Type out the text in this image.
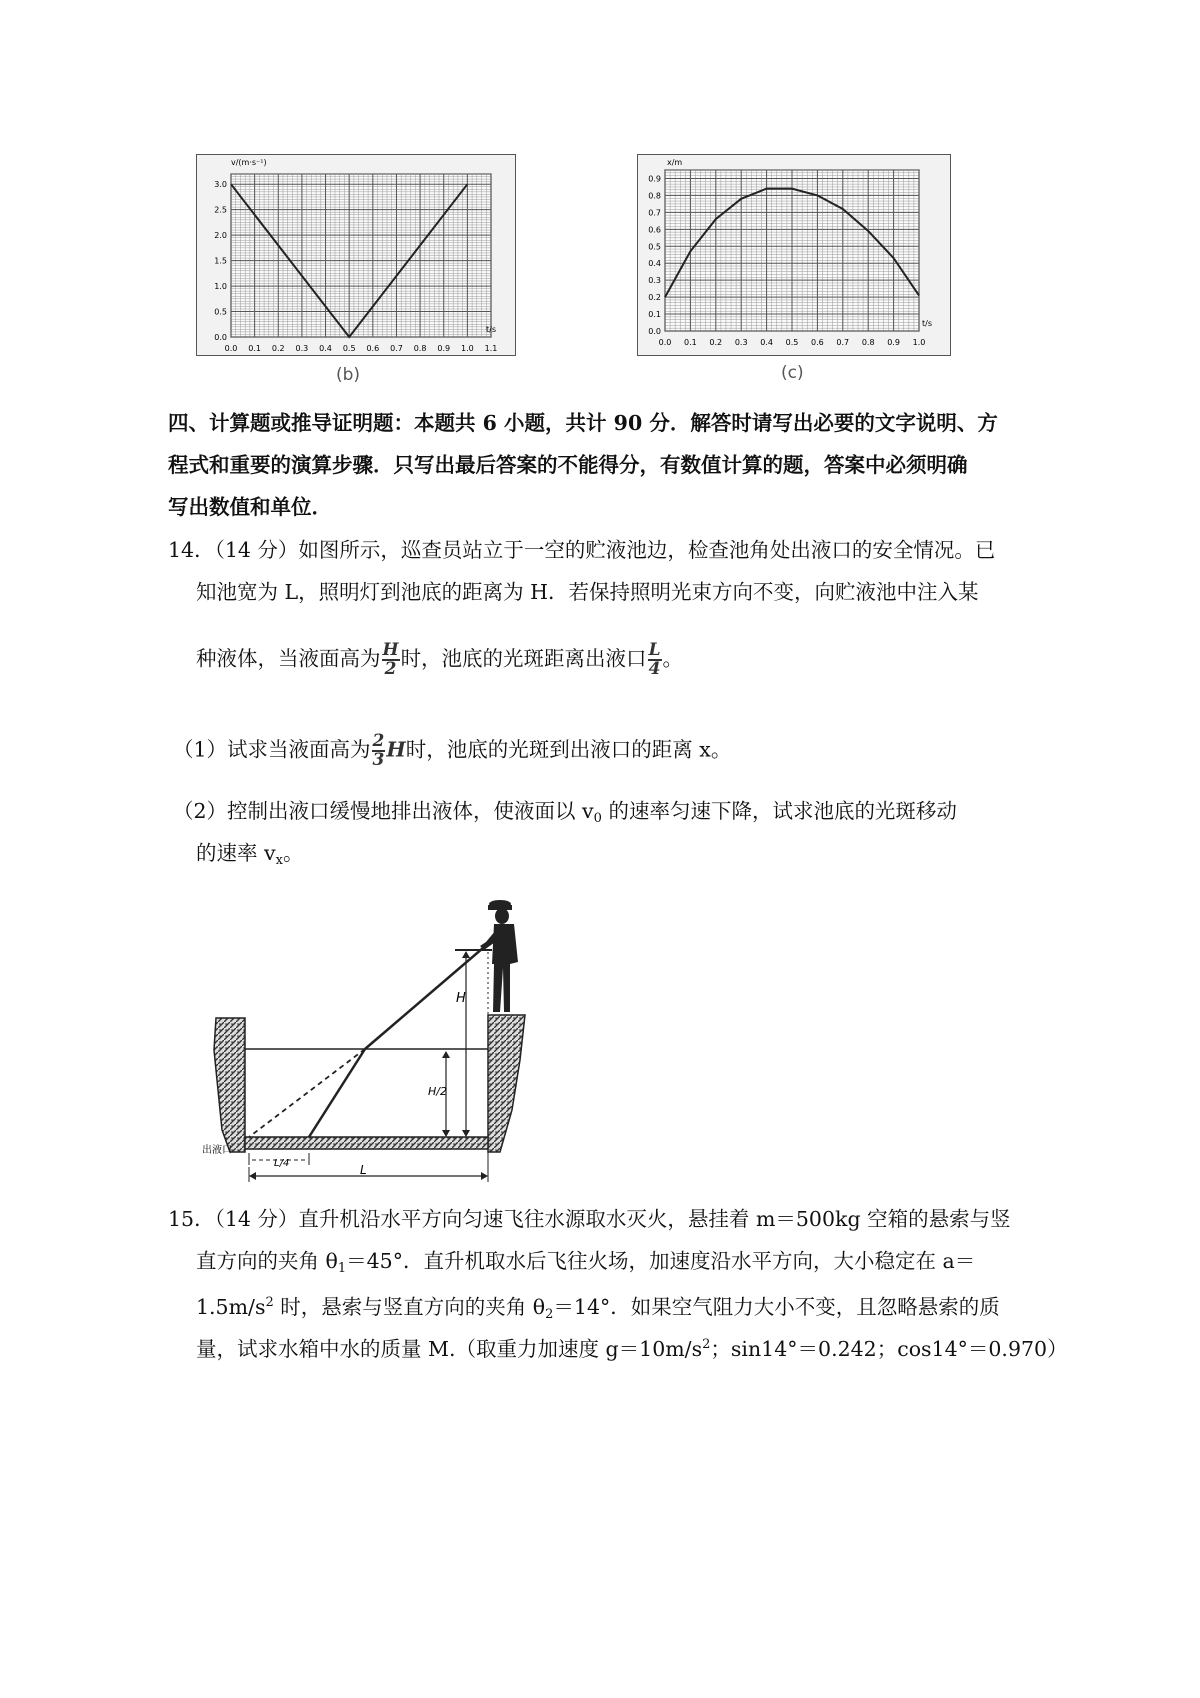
v/(m·s⁻¹)
t/s
3.0
2.5
2.0
1.5
1.0
0.5
0.0
0.0 0.1 0.2 0.3 0.4 0.5 0.6 0.7 0.8 0.9 1.0 1.1
(b)
x/m
t/s
0.9
0.8
0.7
0.6
0.5
0.4
0.3
0.2
0.1
0.0
0.0 0.1 0.2 0.3 0.4 0.5 0.6 0.7 0.8 0.9 1.0
(c)
四、计算题或推导证明题：本题共 6 小题，共计 90 分．解答时请写出必要的文字说明、方
程式和重要的演算步骤．只写出最后答案的不能得分，有数值计算的题，答案中必须明确
写出数值和单位．
14．（14 分）如图所示，巡查员站立于一空的贮液池边，检查池角处出液口的安全情况。已
知池宽为 L，照明灯到池底的距离为 H．若保持照明光束方向不变，向贮液池中注入某
种液体，当液面高为 $\frac{H}{2}$ 时，池底的光斑距离出液口 $\frac{L}{4}$ 。
（1）试求当液面高为 $\frac{2}{3}$ H时，池底的光斑到出液口的距离 x。
（2）控制出液口缓慢地排出液体，使液面以 $v_0$ 的速率匀速下降，试求池底的光斑移动
的速率 $v_x$。
H
H/2
出液口
L/4	L
15．（14 分）直升机沿水平方向匀速飞往水源取水灭火，悬挂着 m＝500kg 空箱的悬索与竖
直方向的夹角 $\theta_1=45^\circ$．直升机取水后飞往火场，加速度沿水平方向，大小稳定在 a＝
$1.5m/s^2$ 时，悬索与竖直方向的夹角 $\theta_2=14^\circ$．如果空气阻力大小不变，且忽略悬索的质
量，试求水箱中水的质量 M.（取重力加速度 $g=10m/s^2$；sin14°＝0.242；cos14°＝0.970）
